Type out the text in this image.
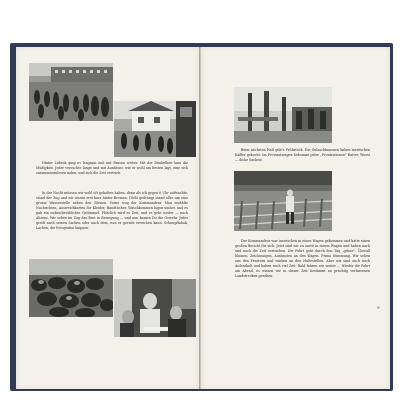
Hinter Lübeck ging es langsam und mit Pausen weiter. Mit der Dunkelheit kam die Müdigkeit. Jeder versuchte lange und mit Ausdauer, wie er wohl am besten lagt, eine sich zusammenzulesen nahm, und sich die Zeit vertrieb.

In der Nacht müssen wir wohl oft gehalten haben, denn als ich gegen 6 Uhr aufwachte, stand der Zug und wir waren erst kurz hinter Bremen. Dicht gedrängt stand alles um eine grosse Wasserstelle neben den Gleisen. Vorne wog der Kommandeur. Man erzählte Nachrichten, Ausweichkarten für Kleider, Handtücher, Waschkommen lagen umher, und es gab ein unbeschreibliches Getümmel. Plötzlich wird es Zeit, und es geht weiter — nach Ahrens. Wir sehen im Zug das Brot in Bewegung — und nun kamen Du die Gewehr. Jeder greift nach seinen Sachen oder auch dem, was er gerade erreichen kann. Schnupftabak, Lachen, die Fotografen knipsen.

Beim nächsten Halt gibt's Frühstück. Die Gulaschkanonen haben inzwischen Kaffee gekocht. Im Proviantwagen bekommt jeder „Frontrationen" Butter, Wurst — dicke Sachen!

Der Kommandeur war inzwischen in einen Wagen gekommen und hatte einen großen Bericht für sich. Jetzt sind wir zu zweit in einem Wagen und haben nach und nach die Zeit vertrieben. Die Fahrt geht durch den Tag „grüne". Überall blumen, Zeichnungen, Ausbauten an den Wagen. Prima Stimmung. Wir sehen aus den Fenstern und winken an den Haltestellen. Aber wir sind auch nach Aufenthalt und haben noch viel Zeit. Bald fahren wir weiter ... Wieder die Fahrt am Abend, es wissen wir in dieser Zeit bestimmt an prächtig verlassenen Landstrecken gesehen.

9
